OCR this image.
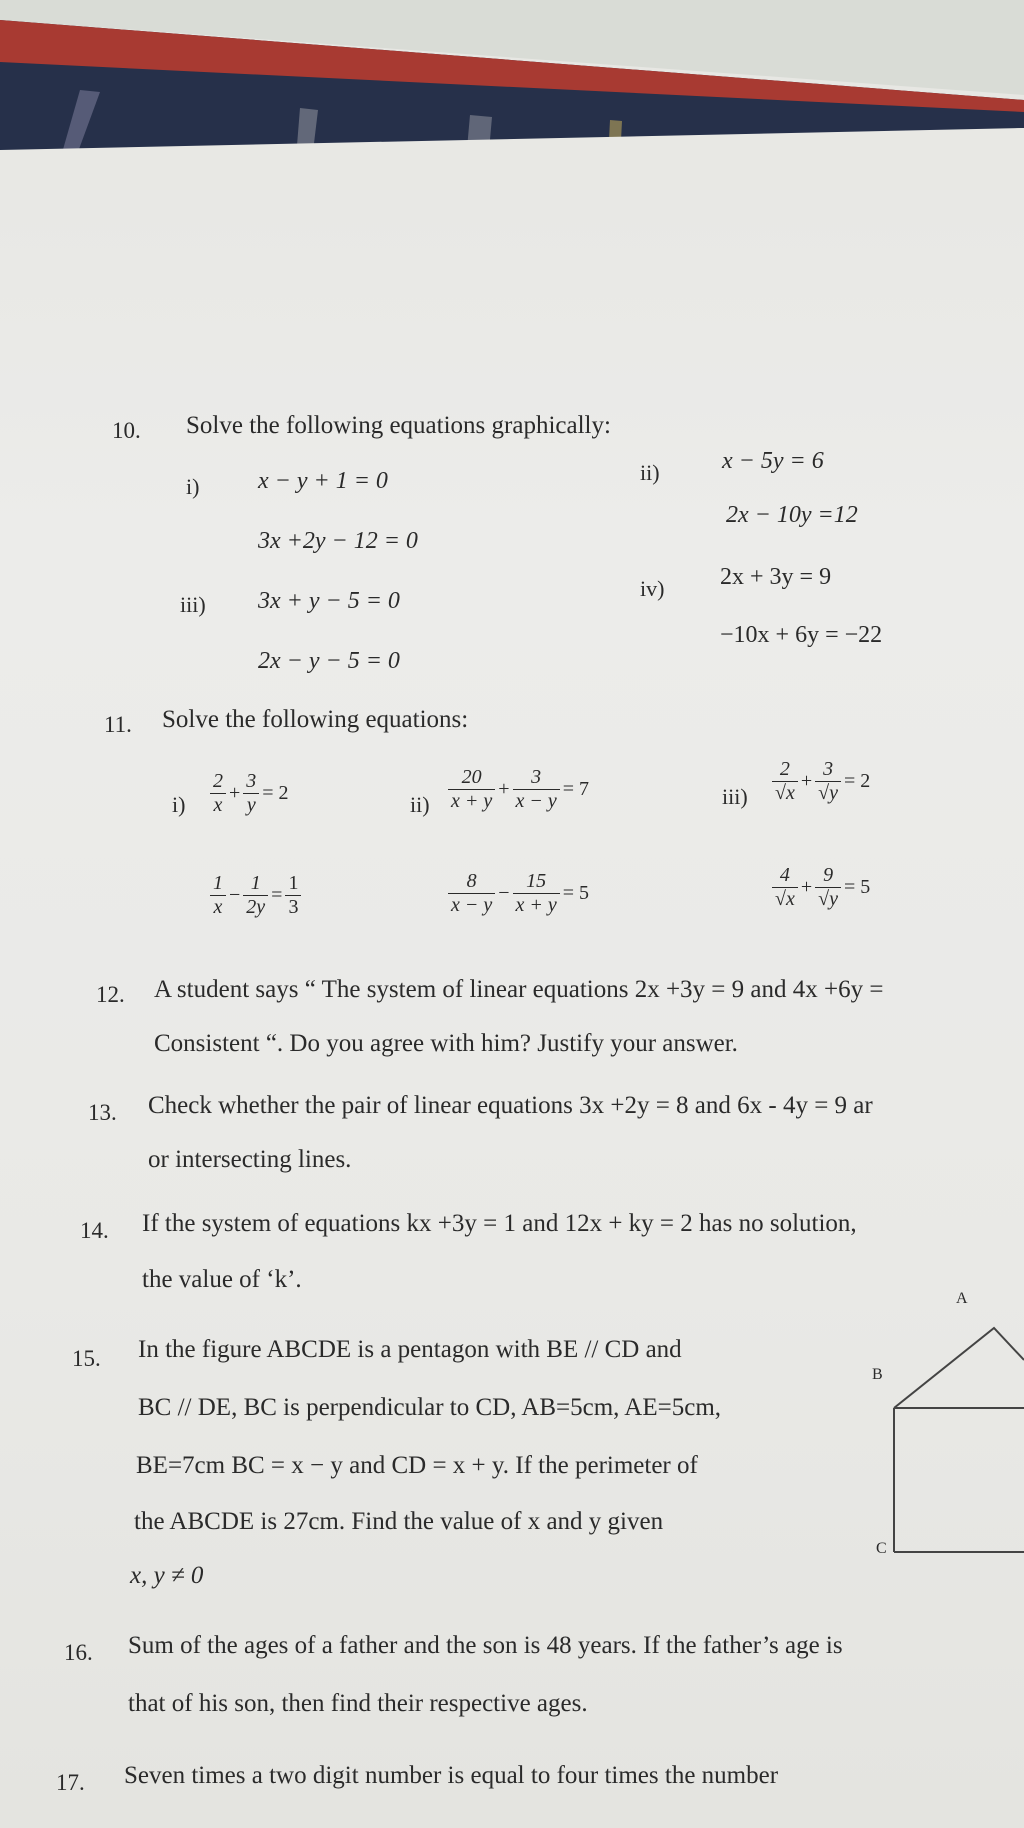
10. Solve the following equations graphically:
i) x − y + 1 = 0
3x +2y − 12 = 0
ii)	x − 5y = 6
2x − 10y =12
iii) 3x + y − 5 = 0
2x − y − 5 = 0
iv) 2x + 3y = 9
−10x + 6y = −22
11. Solve the following equations:
$i) \frac{2}{x} + \frac{3}{y} = 2$
$\frac{1}{x} - \frac{1}{2y} = \frac{1}{3}$
$ii) \frac{20}{x + y} + \frac{3}{x - y} = 7$
$\frac{8}{x - y} - \frac{15}{x + y} = 5$
$iii) \frac{2}{√x} + \frac{3}{√y} = 2$
$\frac{4}{√x} + \frac{9}{√y} = 5$
12. A student says “ The system of linear equations 2x +3y = 9 and 4x +6y =
Consistent “. Do you agree with him? Justify your answer.
13. Check whether the pair of linear equations 3x +2y = 8 and 6x - 4y = 9 ar
or intersecting lines.
14. If the system of equations kx +3y = 1 and 12x + ky = 2 has no solution,
the value of ‘k’.
15. In the figure ABCDE is a pentagon with BE // CD and
BC // DE, BC is perpendicular to CD, AB=5cm, AE=5cm,
BE=7cm BC = x − y and CD = x + y. If the perimeter of
the ABCDE is 27cm. Find the value of x and y given
x, y ≠ 0
A
B
C
16. Sum of the ages of a father and the son is 48 years. If the father’s age is
that of his son, then find their respective ages.
17. Seven times a two digit number is equal to four times the number
